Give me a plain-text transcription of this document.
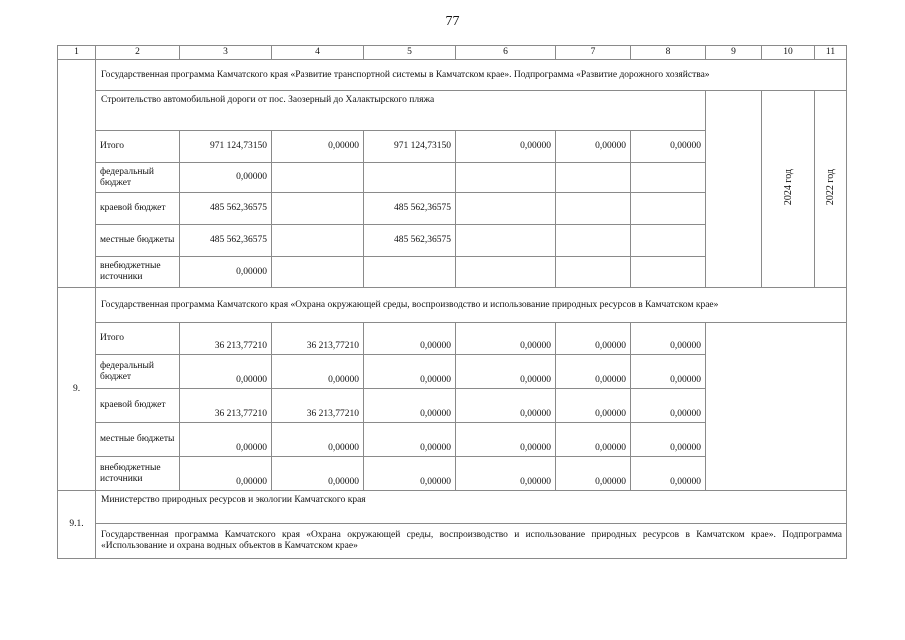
77
1	2	3	4	5	6	7	8	9	10	11
	Государственная программа Камчатского края «Развитие транспортной системы в Камчатском крае». Подпрограмма «Развитие дорожного хозяйства»									
	Строительство автомобильной дороги от пос. Заозерный до Халактырского пляжа								2024 год	2022 год
	Итого	971 124,73150	0,00000	971 124,73150	0,00000	0,00000	0,00000			
	федеральный бюджет	0,00000								
	краевой бюджет	485 562,36575		485 562,36575						
	местные бюджеты	485 562,36575		485 562,36575						
	внебюджетные источники	0,00000								
9.	Государственная программа Камчатского края «Охрана окружающей среды, воспроизводство и использование природных ресурсов в Камчатском крае»									
	Итого	36 213,77210	36 213,77210	0,00000	0,00000	0,00000	0,00000			
	федеральный бюджет	0,00000	0,00000	0,00000	0,00000	0,00000	0,00000			
	краевой бюджет	36 213,77210	36 213,77210	0,00000	0,00000	0,00000	0,00000			
	местные бюджеты	0,00000	0,00000	0,00000	0,00000	0,00000	0,00000			
	внебюджетные источники	0,00000	0,00000	0,00000	0,00000	0,00000	0,00000			
9.1.	Министерство природных ресурсов и экологии Камчатского края									
	Государственная программа Камчатского края «Охрана окружающей среды, воспроизводство и использование природных ресурсов в Камчатском крае». Подпрограмма «Использование и охрана водных объектов в Камчатском крае»									
